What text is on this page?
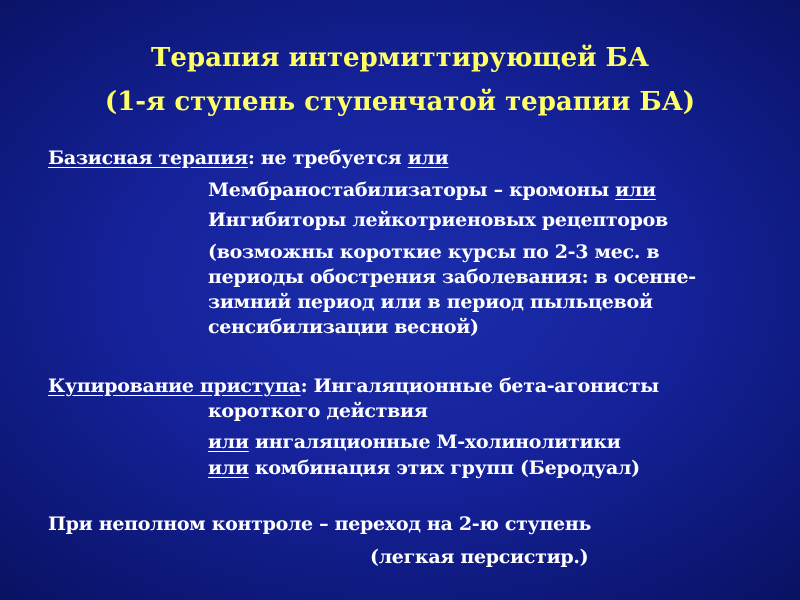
Терапия интермиттирующей БА
(1-я ступень ступенчатой терапии БА)
Базисная терапия: не требуется или
Мембраностабилизаторы – кромоны или
Ингибиторы лейкотриеновых рецепторов
(возможны короткие курсы по 2-3 мес. в
периоды обострения заболевания: в осенне-
зимний период или в период пыльцевой
сенсибилизации весной)
Купирование приступа: Ингаляционные бета-агонисты
короткого действия
или ингаляционные М-холинолитики
или комбинация этих групп (Беродуал)
При неполном контроле – переход на 2-ю ступень
(легкая персистир.)
